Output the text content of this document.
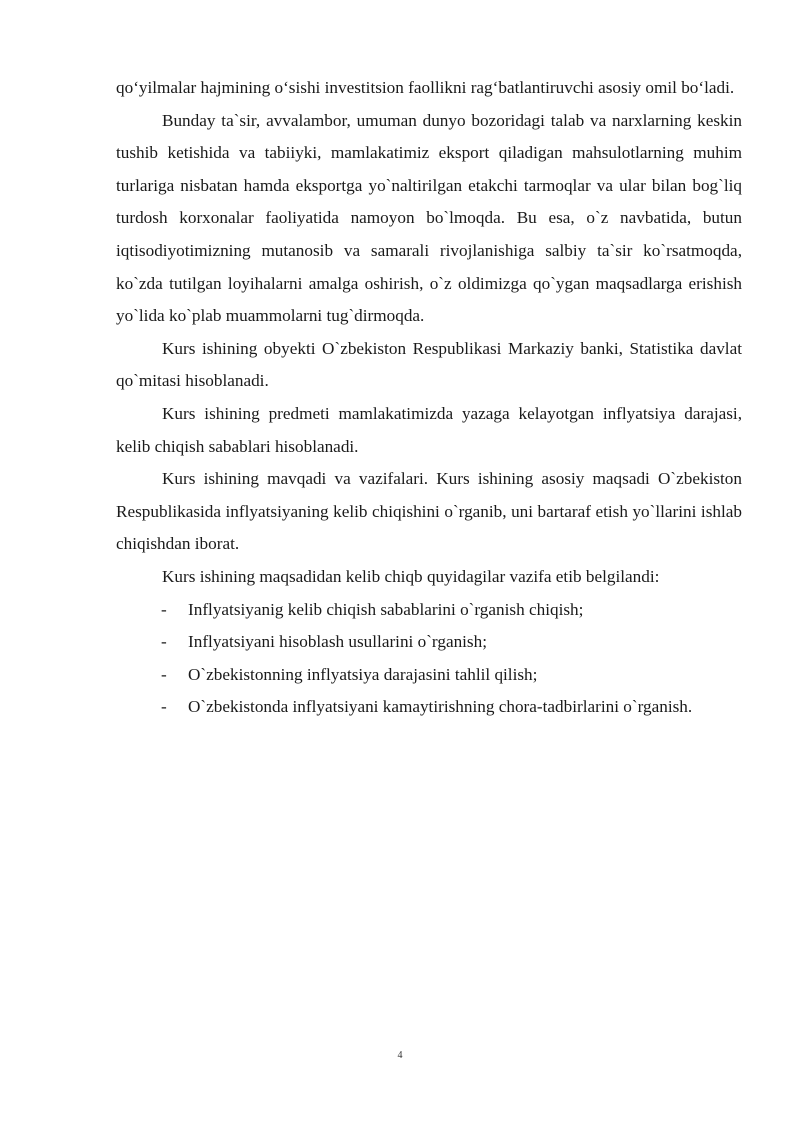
qo‘yilmalar hajmining o‘sishi investitsion faollikni rag‘batlantiruvchi asosiy omil bo‘ladi.

Bunday ta`sir, avvalambor, umuman dunyo bozoridagi talab va narxlarning keskin tushib ketishida va tabiiyki, mamlakatimiz eksport qiladigan mahsulotlarning muhim turlariga nisbatan hamda eksportga yo`naltirilgan etakchi tarmoqlar va ular bilan bog`liq turdosh korxonalar faoliyatida namoyon bo`lmoqda. Bu esa, o`z navbatida, butun iqtisodiyotimizning mutanosib va samarali rivojlanishiga salbiy ta`sir ko`rsatmoqda, ko`zda tutilgan loyihalarni amalga oshirish, o`z oldimizga qo`ygan maqsadlarga erishish yo`lida ko`plab muammolarni tug`dirmoqda.

Kurs ishining obyekti O`zbekiston Respublikasi Markaziy banki, Statistika davlat qo`mitasi hisoblanadi.

Kurs ishining predmeti mamlakatimizda yazaga kelayotgan inflyatsiya darajasi, kelib chiqish sabablari hisoblanadi.

Kurs ishining mavqadi va vazifalari. Kurs ishining asosiy maqsadi O`zbekiston Respublikasida inflyatsiyaning kelib chiqishini o`rganib, uni bartaraf etish yo`llarini ishlab chiqishdan iborat.

Kurs ishining maqsadidan kelib chiqb quyidagilar vazifa etib belgilandi:

- Inflyatsiyanig kelib chiqish sabablarini o`rganish chiqish;
- Inflyatsiyani hisoblash usullarini o`rganish;
- O`zbekistonning inflyatsiya darajasini tahlil qilish;
- O`zbekistonda inflyatsiyani kamaytirishning chora-tadbirlarini o`rganish.
4
